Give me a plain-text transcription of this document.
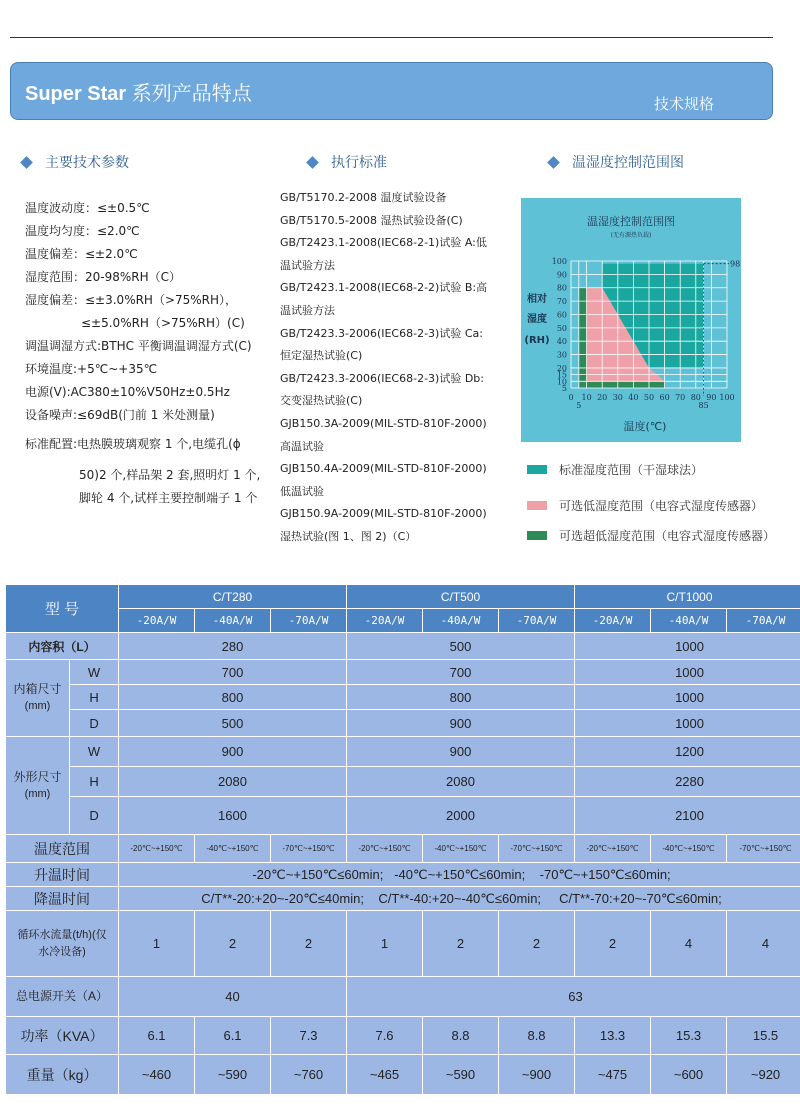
Super Star 系列产品特点	技术规格
主要技术参数	执行标准	温湿度控制范围图
温度波动度：≤±0.5℃
温度均匀度：≤2.0℃
温度偏差：≤±2.0℃
湿度范围：20-98%RH（C）
湿度偏差：≤±3.0%RH（>75%RH），
≤±5.0%RH（>75%RH）(C)
调温调湿方式:BTHC 平衡调温调湿方式(C)
环境温度:+5℃~+35℃
电源(V):AC380±10%V50Hz±0.5Hz
设备噪声:≤69dB(门前 1 米处测量)
标准配置:电热膜玻璃观察 1 个,电缆孔(ϕ
50)2 个,样品架 2 套,照明灯 1 个,
脚轮 4 个,试样主要控制端子 1 个
GB/T5170.2-2008 温度试验设备
GB/T5170.5-2008 湿热试验设备(C)
GB/T2423.1-2008(IEC68-2-1)试验 A:低
温试验方法
GB/T2423.1-2008(IEC68-2-2)试验 B:高
温试验方法
GB/T2423.3-2006(IEC68-2-3)试验 Ca:
恒定湿热试验(C)
GB/T2423.3-2006(IEC68-2-3)试验 Db:
交变湿热试验(C)
GJB150.3A-2009(MIL-STD-810F-2000)
高温试验
GJB150.4A-2009(MIL-STD-810F-2000)
低温试验
GJB150.9A-2009(MIL-STD-810F-2000)
湿热试验(图 1、图 2)（C）
温湿度控制范围图
(无有源热负载)
相对
湿度
(RH)
温度(℃)
0
5
10 20 30 40 50 60 70 80
85
90 100
5
10
15
20
30
40
50
60
70
80
90
100	98
标准湿度范围（干湿球法）
可选低湿度范围（电容式湿度传感器）
可选超低湿度范围（电容式湿度传感器）
型 号		C/T280			C/T500			C/T1000		
		-20A/W	-40A/W	-70A/W	-20A/W	-40A/W	-70A/W	-20A/W	-40A/W	-70A/W
内容积（L）		280			500			1000		

内箱尺寸
(mm)	W	700			700			1000		
	H	800			800			1000		
	D	500			900			1000		

外形尺寸
(mm)	W	900			900			1200		
	H	2080			2080			2280		
	D	1600			2000			2100		
温度范围		-20℃~+150℃	-40℃~+150℃	-70℃~+150℃	-20℃~+150℃	-40℃~+150℃	-70℃~+150℃	-20℃~+150℃	-40℃~+150℃	-70℃~+150℃
升温时间		-20℃~+150℃≤60min;   -40℃~+150℃≤60min;    -70℃~+150℃≤60min;								
降温时间		C/T**-20:+20~-20℃≤40min;    C/T**-40:+20~-40℃≤60min;     C/T**-70:+20~-70℃≤60min;								
循环水流量(t/h)(仅水冷设备)		1	2	2	1	2	2	2	4	4
总电源开关（A）		40			63					
功率（KVA）		6.1	6.1	7.3	7.6	8.8	8.8	13.3	15.3	15.5
重量（kg）		~460	~590	~760	~465	~590	~900	~475	~600	~920
